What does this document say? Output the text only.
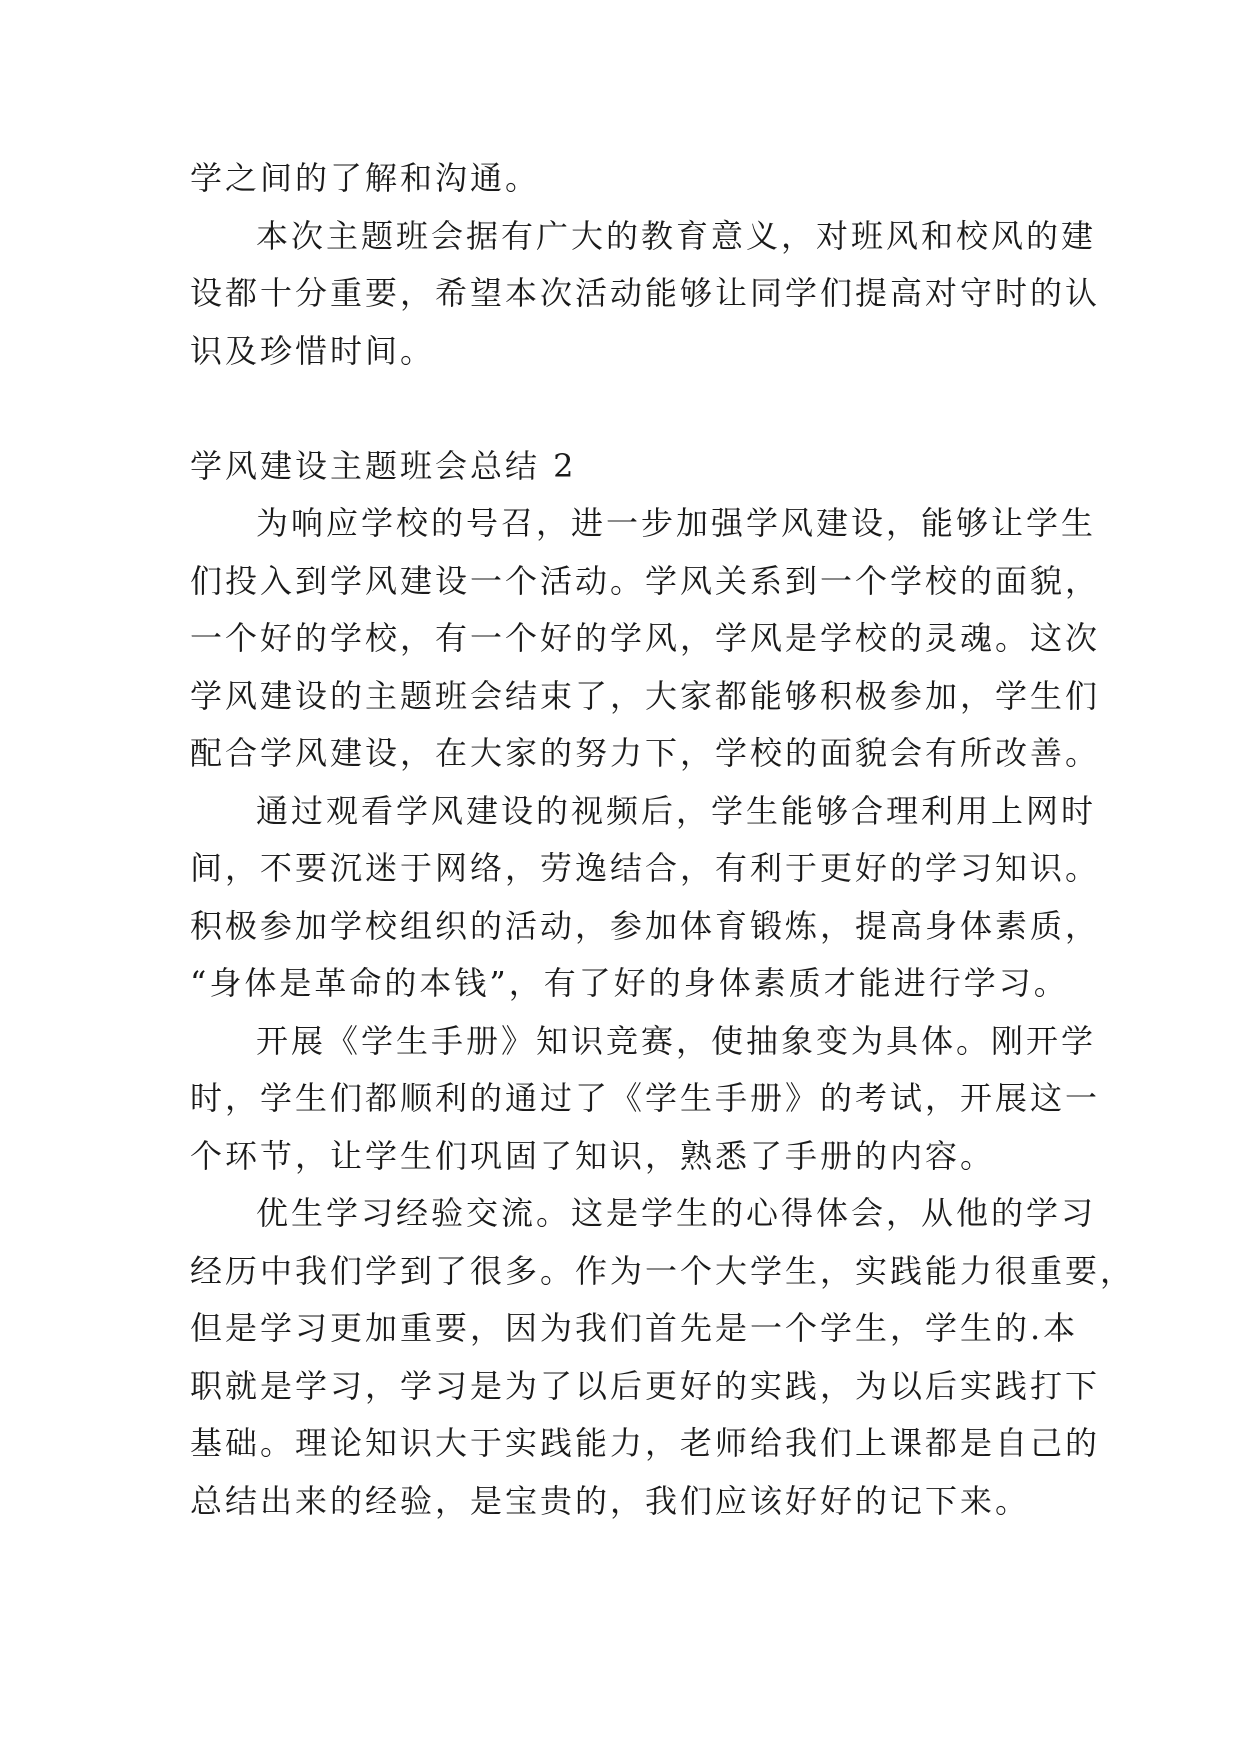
学之间的了解和沟通。
本次主题班会据有广大的教育意义，对班风和校风的建
设都十分重要，希望本次活动能够让同学们提高对守时的认
识及珍惜时间。
学风建设主题班会总结 2
为响应学校的号召，进一步加强学风建设，能够让学生
们投入到学风建设一个活动。学风关系到一个学校的面貌，
一个好的学校，有一个好的学风，学风是学校的灵魂。这次
学风建设的主题班会结束了，大家都能够积极参加，学生们
配合学风建设，在大家的努力下，学校的面貌会有所改善。
通过观看学风建设的视频后，学生能够合理利用上网时
间，不要沉迷于网络，劳逸结合，有利于更好的学习知识。
积极参加学校组织的活动，参加体育锻炼，提高身体素质，
“身体是革命的本钱”，有了好的身体素质才能进行学习。
开展《学生手册》知识竞赛，使抽象变为具体。刚开学
时，学生们都顺利的通过了《学生手册》的考试，开展这一
个环节，让学生们巩固了知识，熟悉了手册的内容。
优生学习经验交流。这是学生的心得体会，从他的学习
经历中我们学到了很多。作为一个大学生，实践能力很重要，
但是学习更加重要，因为我们首先是一个学生，学生的.本
职就是学习，学习是为了以后更好的实践，为以后实践打下
基础。理论知识大于实践能力，老师给我们上课都是自己的
总结出来的经验，是宝贵的，我们应该好好的记下来。
